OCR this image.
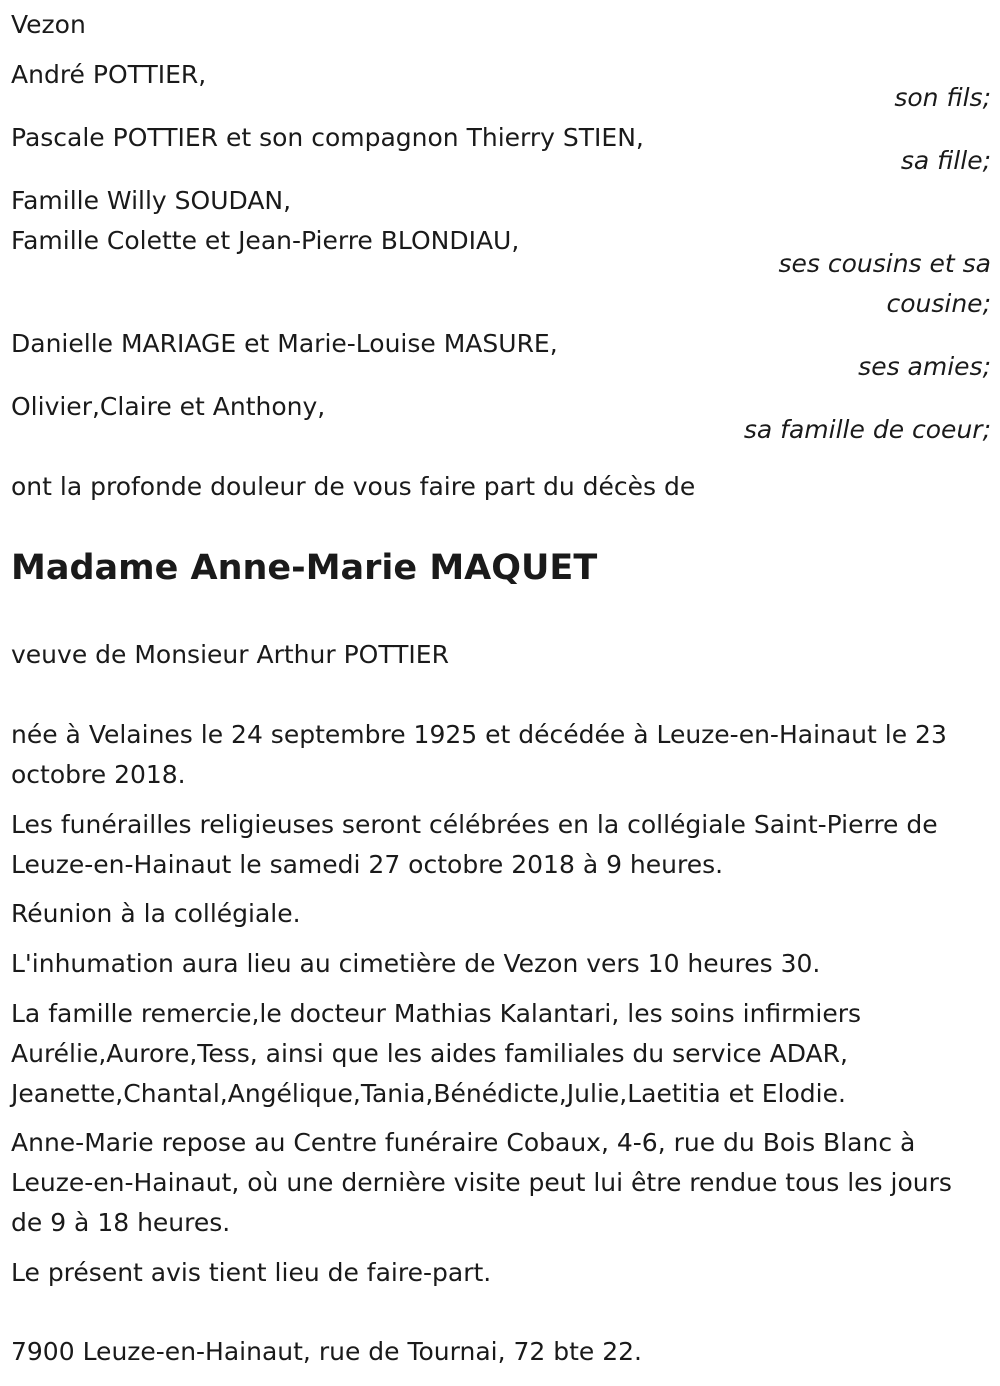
Vezon
André POTTIER,
son fils;
Pascale POTTIER et son compagnon Thierry STIEN,
sa fille;
Famille Willy SOUDAN,
Famille Colette et Jean-Pierre BLONDIAU,
ses cousins et sa
cousine;
Danielle MARIAGE et Marie-Louise MASURE,
ses amies;
Olivier,Claire et Anthony,
sa famille de coeur;
ont la profonde douleur de vous faire part du décès de
Madame Anne-Marie MAQUET
veuve de Monsieur Arthur POTTIER
née à Velaines le 24 septembre 1925 et décédée à Leuze-en-Hainaut le 23 octobre 2018.
Les funérailles religieuses seront célébrées en la collégiale Saint-Pierre de Leuze-en-Hainaut le samedi 27 octobre 2018 à 9 heures.
Réunion à la collégiale.
L'inhumation aura lieu au cimetière de Vezon vers 10 heures 30.
La famille remercie,le docteur Mathias Kalantari, les soins infirmiers Aurélie,Aurore,Tess, ainsi que les aides familiales du service ADAR, Jeanette,Chantal,Angélique,Tania,Bénédicte,Julie,Laetitia et Elodie.
Anne-Marie repose au Centre funéraire Cobaux, 4-6, rue du Bois Blanc à Leuze-en-Hainaut, où une dernière visite peut lui être rendue tous les jours de 9 à 18 heures.
Le présent avis tient lieu de faire-part.
7900 Leuze-en-Hainaut, rue de Tournai, 72 bte 22.
